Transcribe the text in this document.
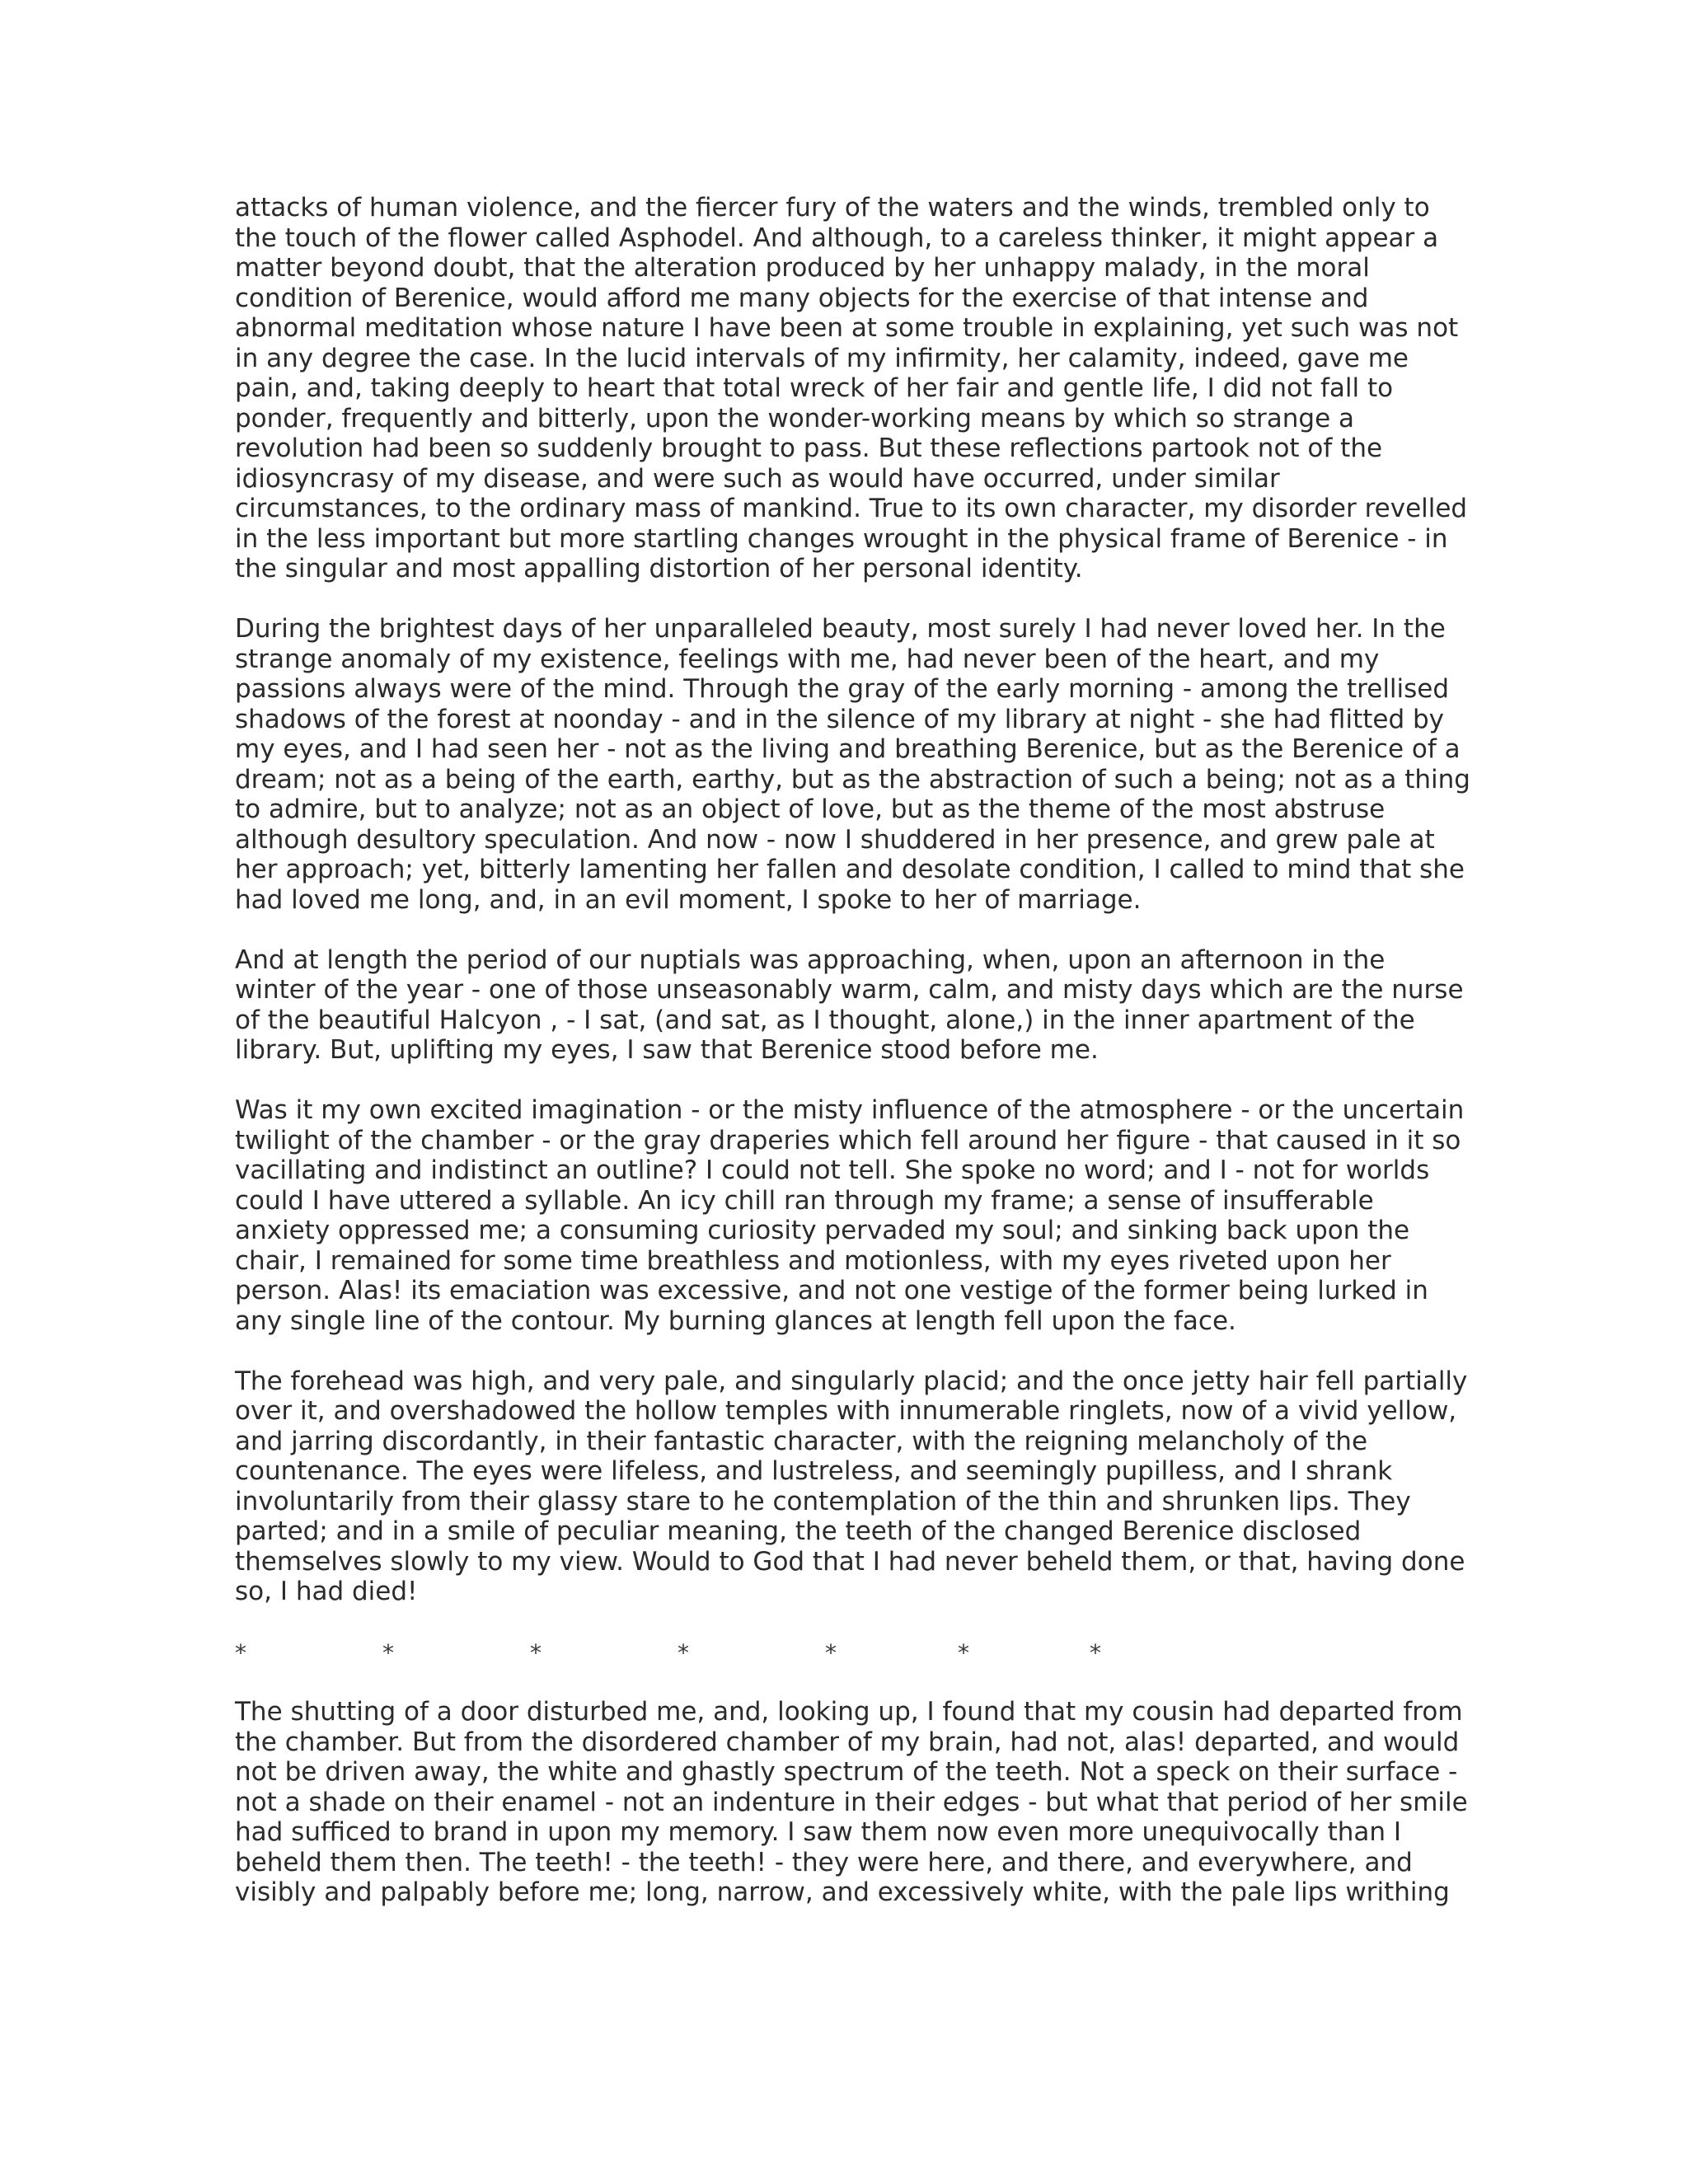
attacks of human violence, and the fiercer fury of the waters and the winds, trembled only to the touch of the flower called Asphodel. And although, to a careless thinker, it might appear a matter beyond doubt, that the alteration produced by her unhappy malady, in the moral condition of Berenice, would afford me many objects for the exercise of that intense and abnormal meditation whose nature I have been at some trouble in explaining, yet such was not in any degree the case. In the lucid intervals of my infirmity, her calamity, indeed, gave me pain, and, taking deeply to heart that total wreck of her fair and gentle life, I did not fall to ponder, frequently and bitterly, upon the wonder-working means by which so strange a revolution had been so suddenly brought to pass. But these reflections partook not of the idiosyncrasy of my disease, and were such as would have occurred, under similar circumstances, to the ordinary mass of mankind. True to its own character, my disorder revelled in the less important but more startling changes wrought in the physical frame of Berenice - in the singular and most appalling distortion of her personal identity.

During the brightest days of her unparalleled beauty, most surely I had never loved her. In the strange anomaly of my existence, feelings with me, had never been of the heart, and my passions always were of the mind. Through the gray of the early morning - among the trellised shadows of the forest at noonday - and in the silence of my library at night - she had flitted by my eyes, and I had seen her - not as the living and breathing Berenice, but as the Berenice of a dream; not as a being of the earth, earthy, but as the abstraction of such a being; not as a thing to admire, but to analyze; not as an object of love, but as the theme of the most abstruse although desultory speculation. And now - now I shuddered in her presence, and grew pale at her approach; yet, bitterly lamenting her fallen and desolate condition, I called to mind that she had loved me long, and, in an evil moment, I spoke to her of marriage.

And at length the period of our nuptials was approaching, when, upon an afternoon in the winter of the year - one of those unseasonably warm, calm, and misty days which are the nurse of the beautiful Halcyon , - I sat, (and sat, as I thought, alone,) in the inner apartment of the library. But, uplifting my eyes, I saw that Berenice stood before me.

Was it my own excited imagination - or the misty influence of the atmosphere - or the uncertain twilight of the chamber - or the gray draperies which fell around her figure - that caused in it so vacillating and indistinct an outline? I could not tell. She spoke no word; and I - not for worlds could I have uttered a syllable. An icy chill ran through my frame; a sense of insufferable anxiety oppressed me; a consuming curiosity pervaded my soul; and sinking back upon the chair, I remained for some time breathless and motionless, with my eyes riveted upon her person. Alas! its emaciation was excessive, and not one vestige of the former being lurked in any single line of the contour. My burning glances at length fell upon the face.

The forehead was high, and very pale, and singularly placid; and the once jetty hair fell partially over it, and overshadowed the hollow temples with innumerable ringlets, now of a vivid yellow, and jarring discordantly, in their fantastic character, with the reigning melancholy of the countenance. The eyes were lifeless, and lustreless, and seemingly pupilless, and I shrank involuntarily from their glassy stare to he contemplation of the thin and shrunken lips. They parted; and in a smile of peculiar meaning, the teeth of the changed Berenice disclosed themselves slowly to my view. Would to God that I had never beheld them, or that, having done so, I had died!

*	*	*	*	*	*	*

The shutting of a door disturbed me, and, looking up, I found that my cousin had departed from the chamber. But from the disordered chamber of my brain, had not, alas! departed, and would not be driven away, the white and ghastly spectrum of the teeth. Not a speck on their surface - not a shade on their enamel - not an indenture in their edges - but what that period of her smile had sufficed to brand in upon my memory. I saw them now even more unequivocally than I beheld them then. The teeth! - the teeth! - they were here, and there, and everywhere, and visibly and palpably before me; long, narrow, and excessively white, with the pale lips writhing
